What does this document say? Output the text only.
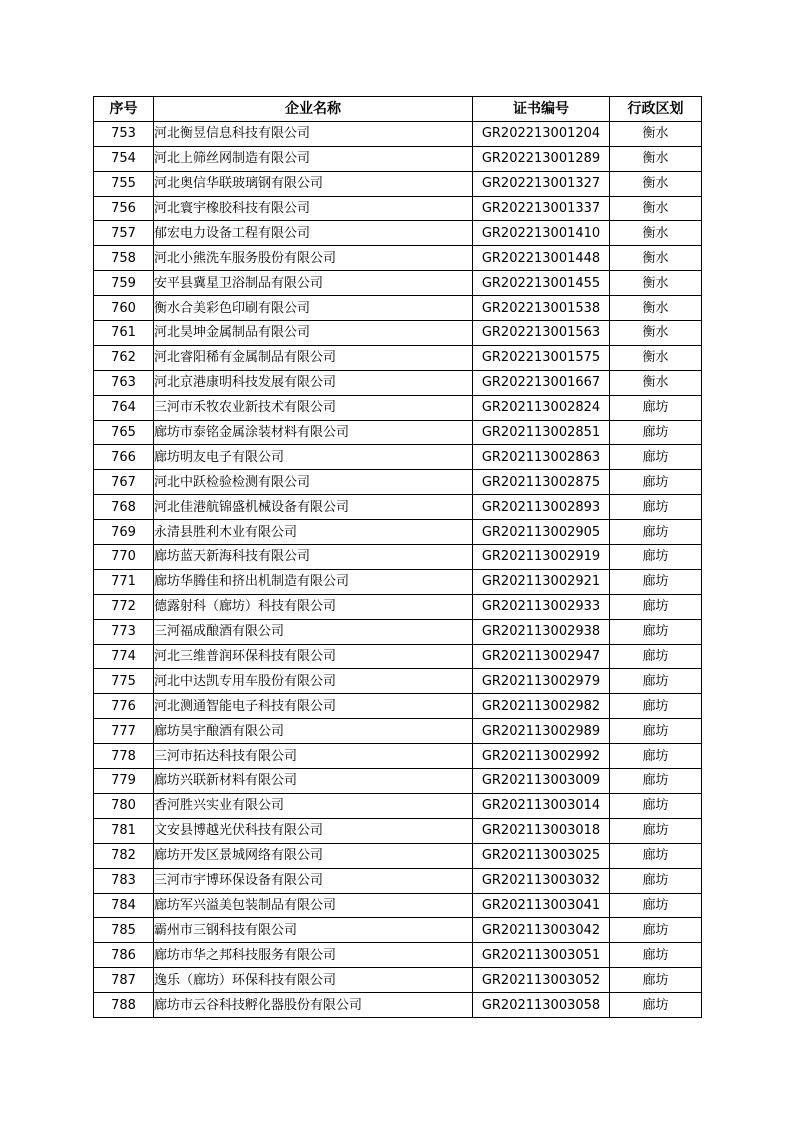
序号	企业名称	证书编号	行政区划
753	河北衡昱信息科技有限公司	GR202213001204	衡水
754	河北上筛丝网制造有限公司	GR202213001289	衡水
755	河北奥信华联玻璃钢有限公司	GR202213001327	衡水
756	河北寰宇橡胶科技有限公司	GR202213001337	衡水
757	郁宏电力设备工程有限公司	GR202213001410	衡水
758	河北小熊洗车服务股份有限公司	GR202213001448	衡水
759	安平县冀星卫浴制品有限公司	GR202213001455	衡水
760	衡水合美彩色印刷有限公司	GR202213001538	衡水
761	河北昊坤金属制品有限公司	GR202213001563	衡水
762	河北睿阳稀有金属制品有限公司	GR202213001575	衡水
763	河北京港康明科技发展有限公司	GR202213001667	衡水
764	三河市禾牧农业新技术有限公司	GR202113002824	廊坊
765	廊坊市泰铭金属涂装材料有限公司	GR202113002851	廊坊
766	廊坊明友电子有限公司	GR202113002863	廊坊
767	河北中跃检验检测有限公司	GR202113002875	廊坊
768	河北佳港航锦盛机械设备有限公司	GR202113002893	廊坊
769	永清县胜利木业有限公司	GR202113002905	廊坊
770	廊坊蓝天新海科技有限公司	GR202113002919	廊坊
771	廊坊华腾佳和挤出机制造有限公司	GR202113002921	廊坊
772	德露射科（廊坊）科技有限公司	GR202113002933	廊坊
773	三河福成酿酒有限公司	GR202113002938	廊坊
774	河北三维普润环保科技有限公司	GR202113002947	廊坊
775	河北中达凯专用车股份有限公司	GR202113002979	廊坊
776	河北测通智能电子科技有限公司	GR202113002982	廊坊
777	廊坊昊宇酿酒有限公司	GR202113002989	廊坊
778	三河市拓达科技有限公司	GR202113002992	廊坊
779	廊坊兴联新材料有限公司	GR202113003009	廊坊
780	香河胜兴实业有限公司	GR202113003014	廊坊
781	文安县博越光伏科技有限公司	GR202113003018	廊坊
782	廊坊开发区景城网络有限公司	GR202113003025	廊坊
783	三河市宇博环保设备有限公司	GR202113003032	廊坊
784	廊坊军兴溢美包装制品有限公司	GR202113003041	廊坊
785	霸州市三钢科技有限公司	GR202113003042	廊坊
786	廊坊市华之邦科技服务有限公司	GR202113003051	廊坊
787	逸乐（廊坊）环保科技有限公司	GR202113003052	廊坊
788	廊坊市云谷科技孵化器股份有限公司	GR202113003058	廊坊
